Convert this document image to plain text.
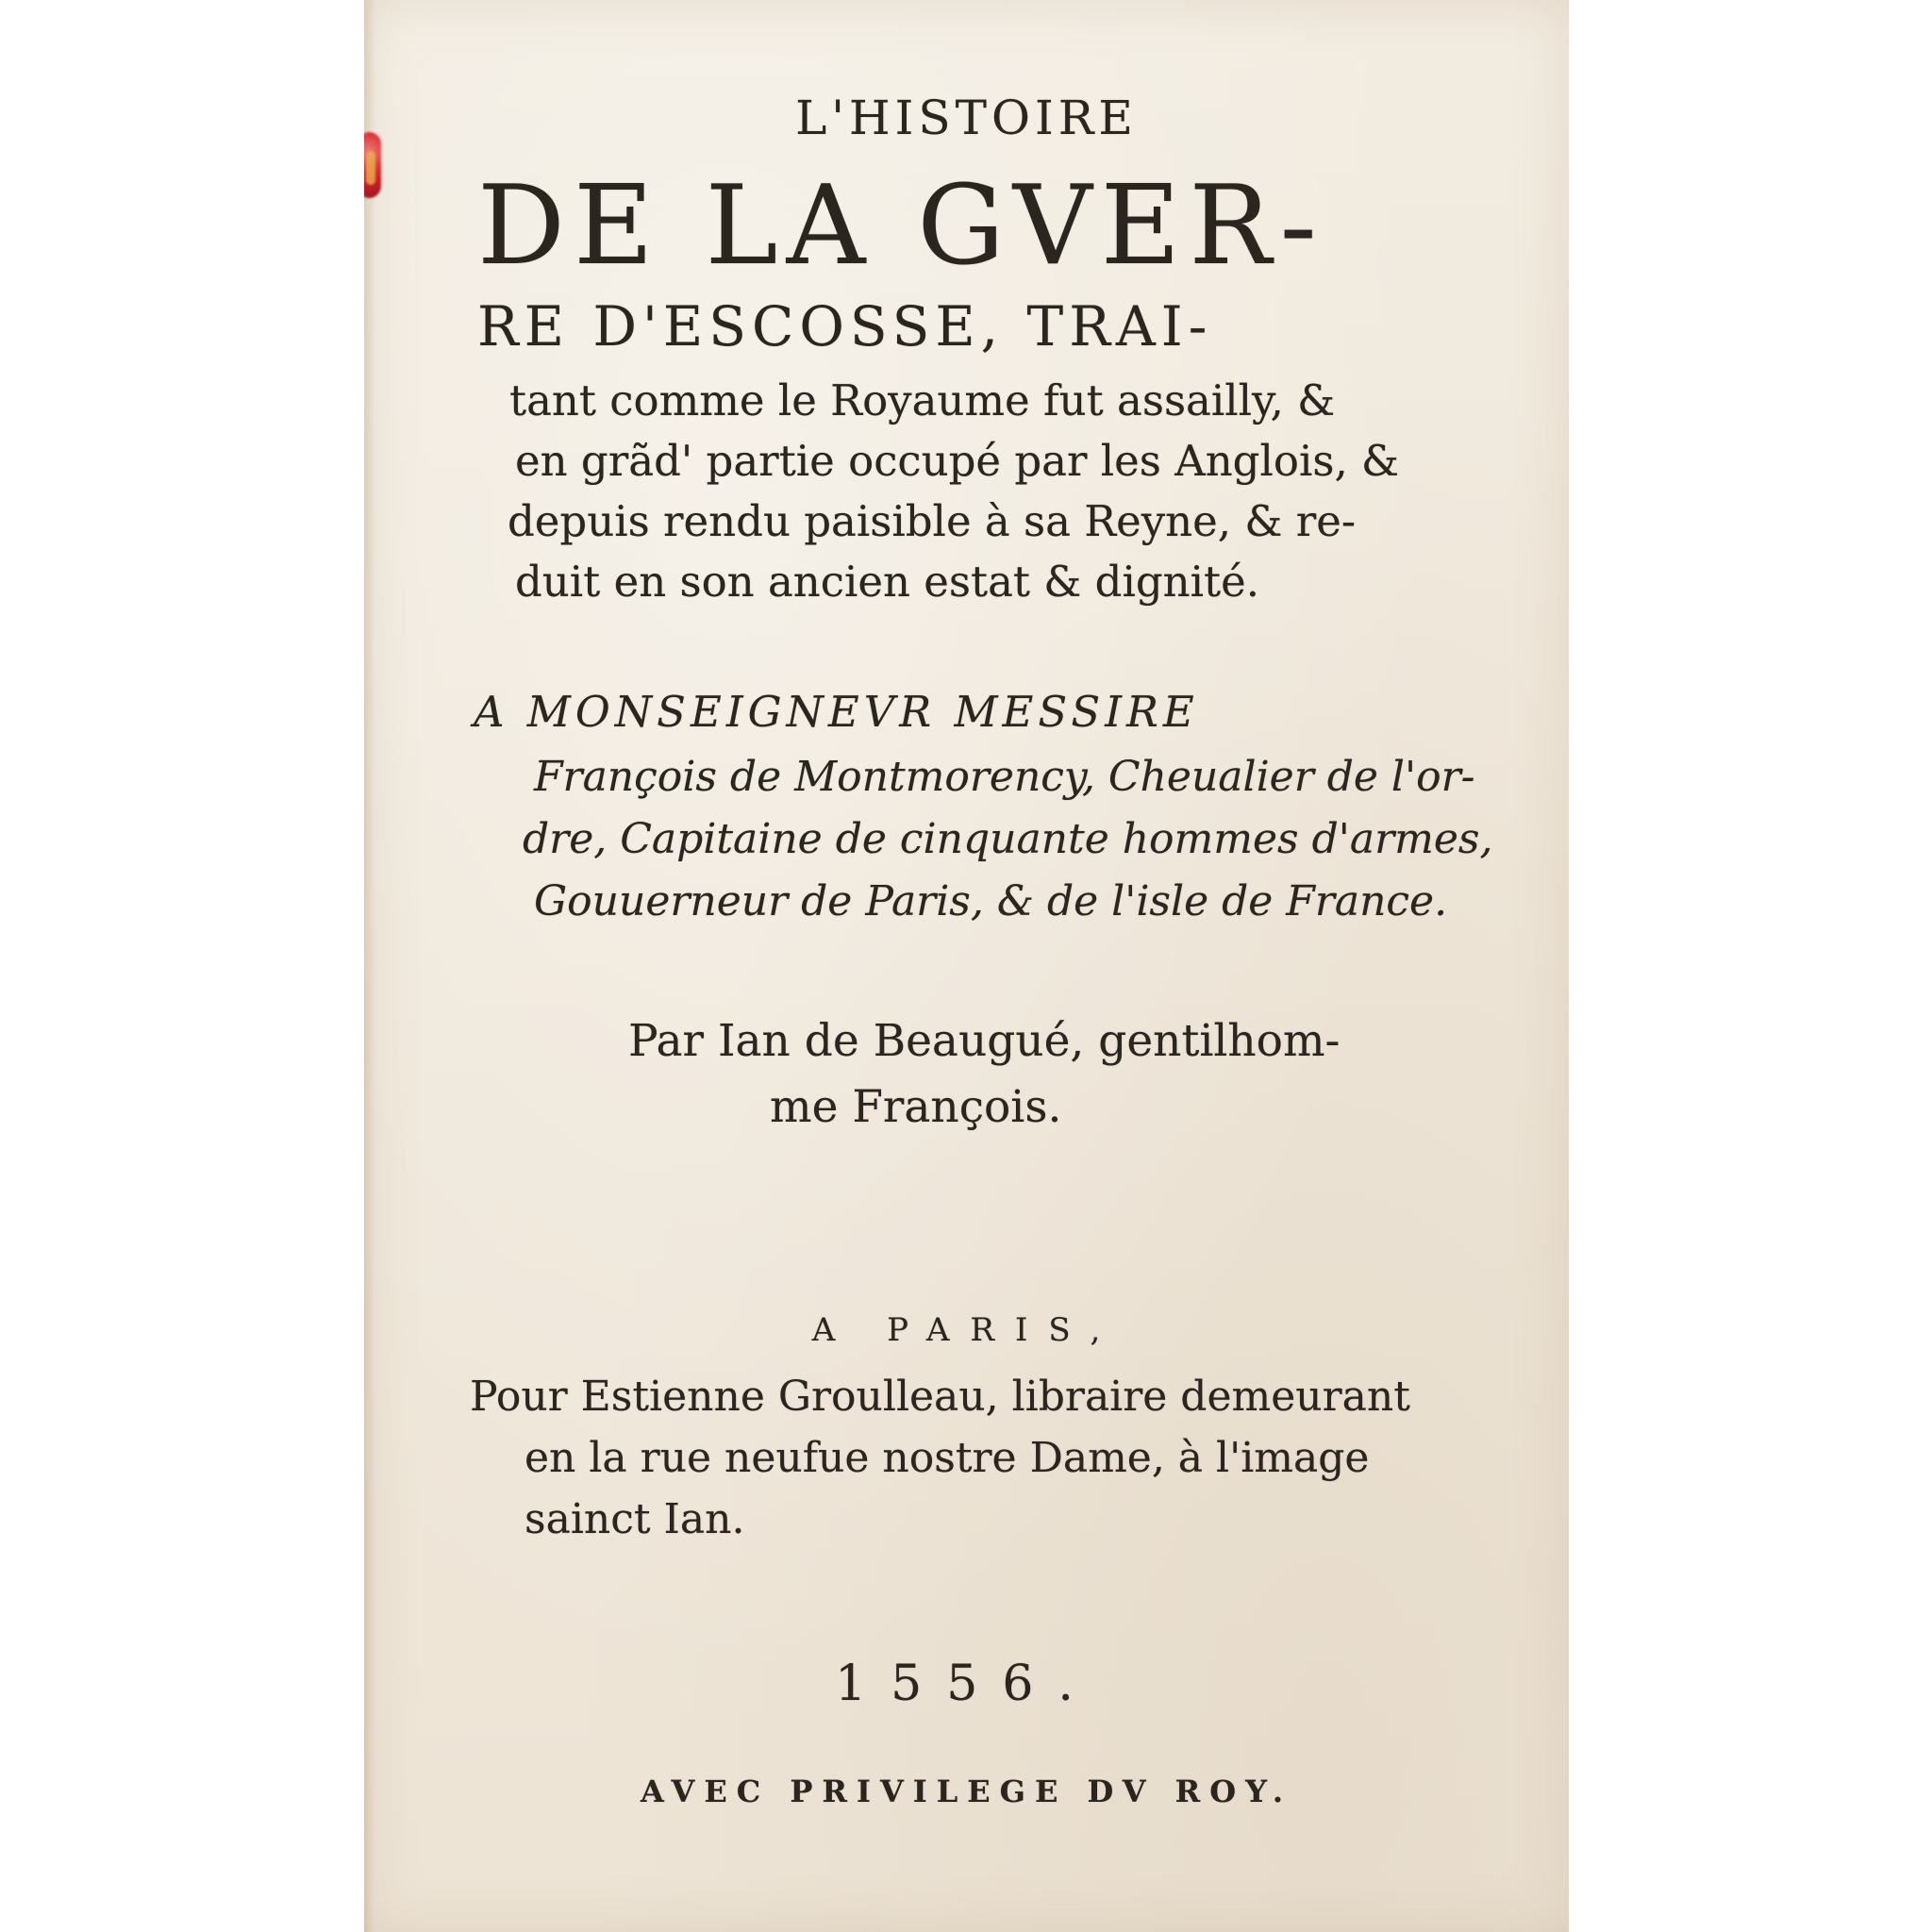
L'HISTOIRE
DE LA GVER-
RE D'ESCOSSE, TRAI-
tant comme le Royaume fut assailly, &
en grãd' partie occupé par les Anglois, &
depuis rendu paisible à sa Reyne, & re-
duit en son ancien estat & dignité.
A MONSEIGNEVR MESSIRE
François de Montmorency, Cheualier de l'or-
dre, Capitaine de cinquante hommes d'armes,
Gouuerneur de Paris, & de l'isle de France.
Par Ian de Beaugué, gentilhom-
me François.
A PARIS,
Pour Estienne Groulleau, libraire demeurant
en la rue neufue nostre Dame, à l'image
sainct Ian.
1556.
AVEC PRIVILEGE DV ROY.
